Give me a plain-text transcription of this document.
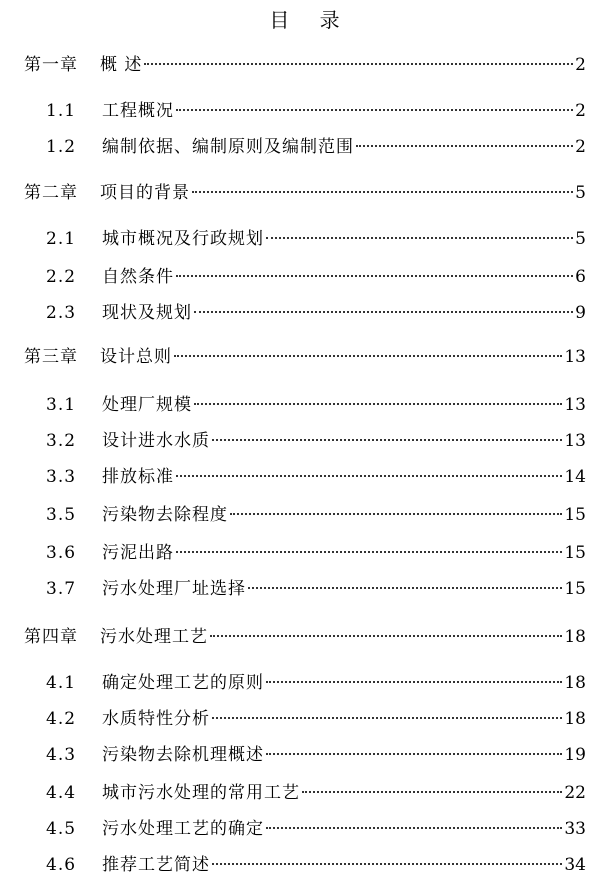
目 录
第一章	概 述	2
1.1	工程概况	2
1.2	编制依据、编制原则及编制范围	2
第二章	项目的背景	5
2.1	城市概况及行政规划	5
2.2	自然条件	6
2.3	现状及规划	9
第三章	设计总则	13
3.1	处理厂规模	13
3.2	设计进水水质	13
3.3	排放标准	14
3.5	污染物去除程度	15
3.6	污泥出路	15
3.7	污水处理厂址选择	15
第四章	污水处理工艺	18
4.1	确定处理工艺的原则	18
4.2	水质特性分析	18
4.3	污染物去除机理概述	19
4.4	城市污水处理的常用工艺	22
4.5	污水处理工艺的确定	33
4.6	推荐工艺简述	34
